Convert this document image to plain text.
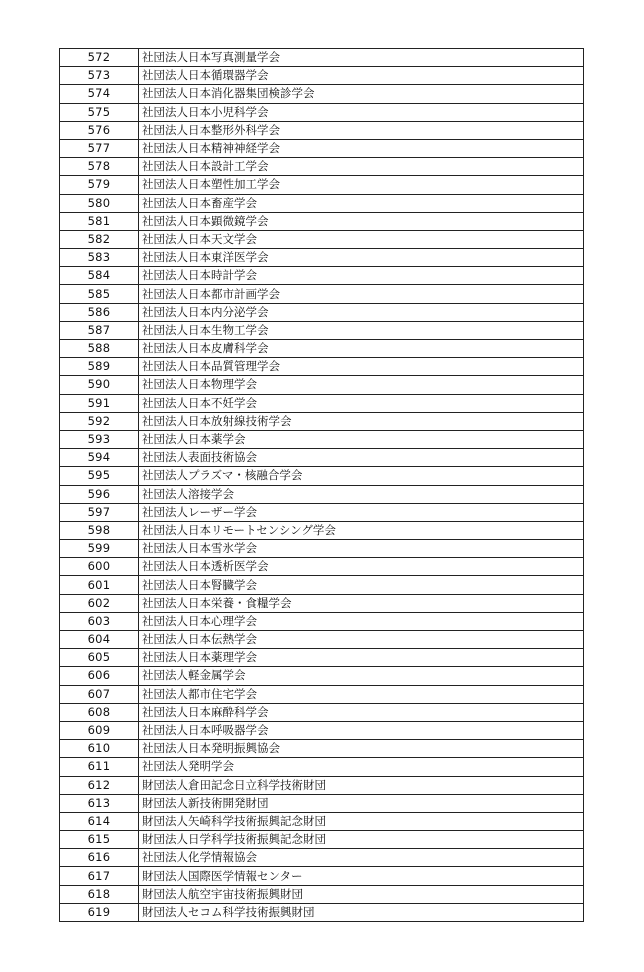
572	社団法人日本写真測量学会
573	社団法人日本循環器学会
574	社団法人日本消化器集団検診学会
575	社団法人日本小児科学会
576	社団法人日本整形外科学会
577	社団法人日本精神神経学会
578	社団法人日本設計工学会
579	社団法人日本塑性加工学会
580	社団法人日本畜産学会
581	社団法人日本顕微鏡学会
582	社団法人日本天文学会
583	社団法人日本東洋医学会
584	社団法人日本時計学会
585	社団法人日本都市計画学会
586	社団法人日本内分泌学会
587	社団法人日本生物工学会
588	社団法人日本皮膚科学会
589	社団法人日本品質管理学会
590	社団法人日本物理学会
591	社団法人日本不妊学会
592	社団法人日本放射線技術学会
593	社団法人日本薬学会
594	社団法人表面技術協会
595	社団法人プラズマ・核融合学会
596	社団法人溶接学会
597	社団法人レーザー学会
598	社団法人日本リモートセンシング学会
599	社団法人日本雪氷学会
600	社団法人日本透析医学会
601	社団法人日本腎臓学会
602	社団法人日本栄養・食糧学会
603	社団法人日本心理学会
604	社団法人日本伝熱学会
605	社団法人日本薬理学会
606	社団法人軽金属学会
607	社団法人都市住宅学会
608	社団法人日本麻酔科学会
609	社団法人日本呼吸器学会
610	社団法人日本発明振興協会
611	社団法人発明学会
612	財団法人倉田記念日立科学技術財団
613	財団法人新技術開発財団
614	財団法人矢崎科学技術振興記念財団
615	財団法人日学科学技術振興記念財団
616	社団法人化学情報協会
617	財団法人国際医学情報センター
618	財団法人航空宇宙技術振興財団
619	財団法人セコム科学技術振興財団
